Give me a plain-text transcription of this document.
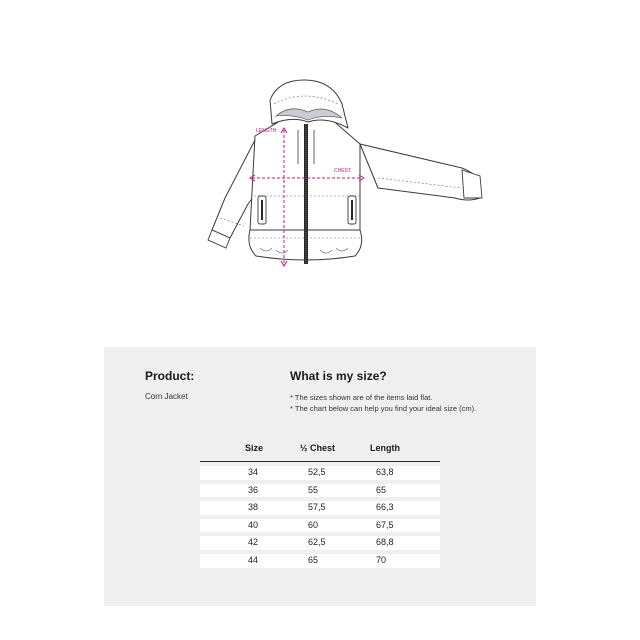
LENGTH
CHEST
Product:
Corn Jacket
What is my size?
* The sizes shown are of the items laid flat.
* The chart below can help you find your ideal size (cm).
Size	½ Chest	Length
34	52,5	63,8
36	55	65
38	57,5	66,3
40	60	67,5
42	62,5	68,8
44	65	70
